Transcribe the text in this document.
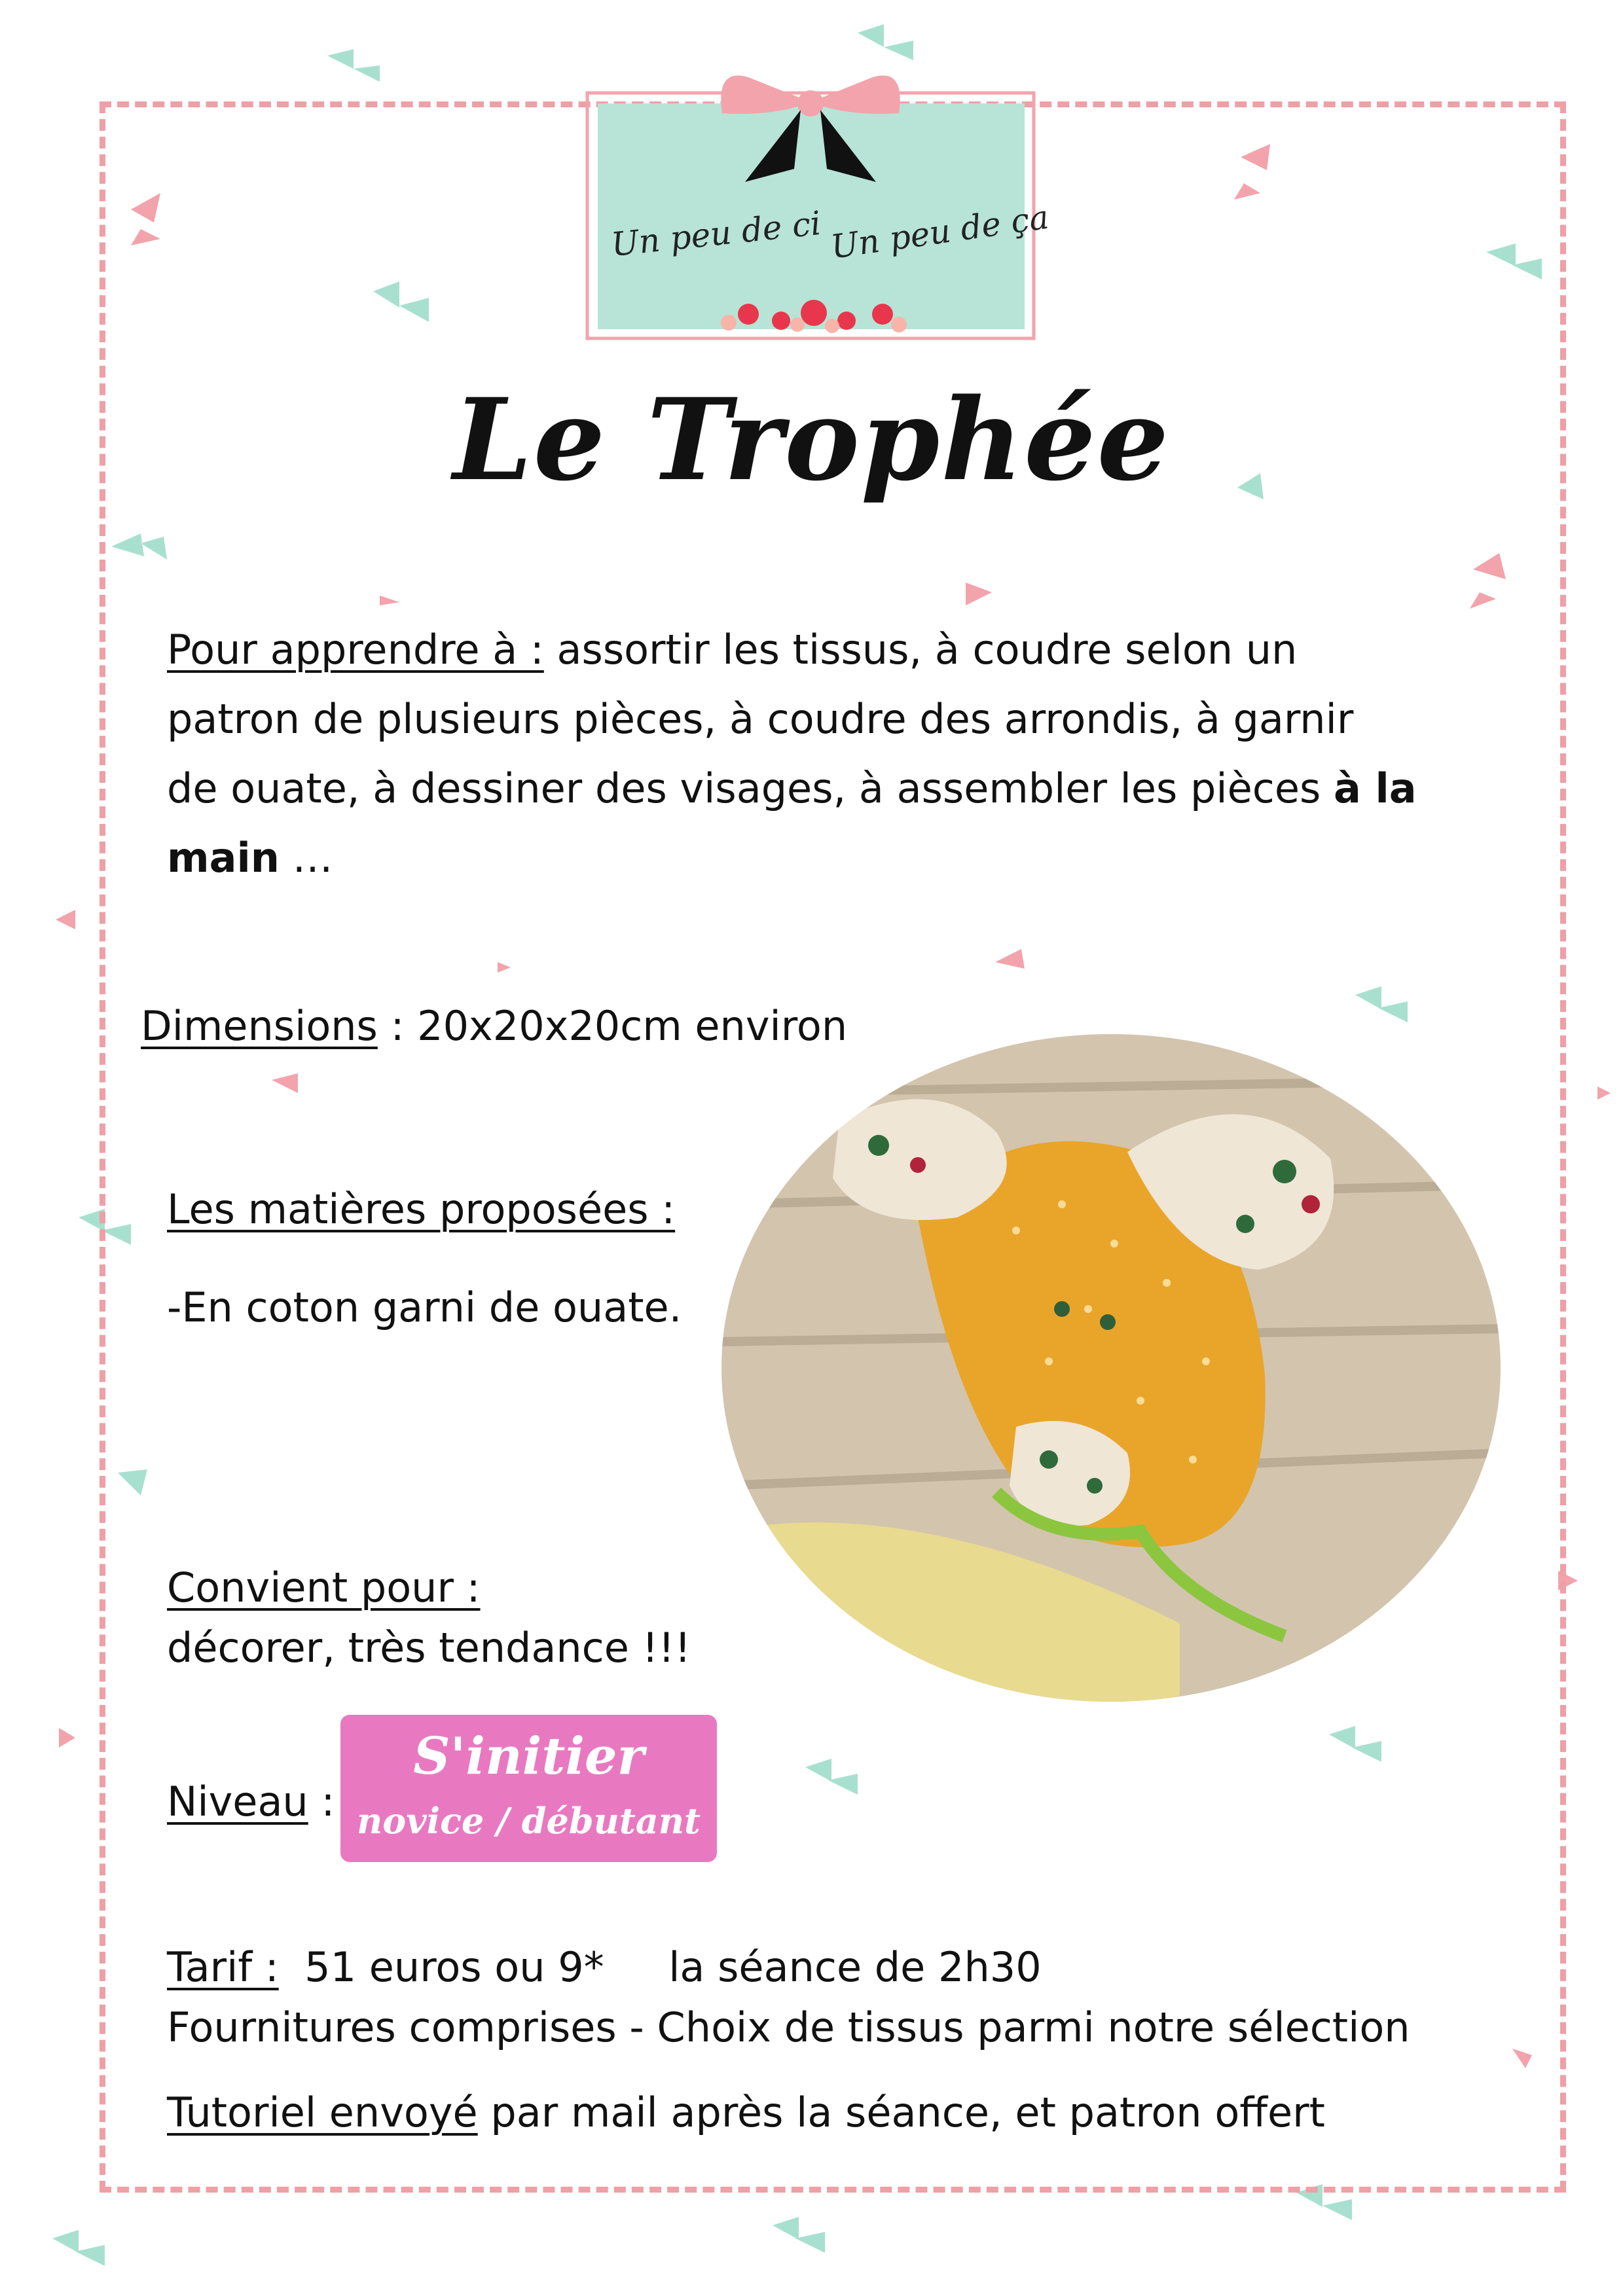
Un peu de ci Un peu de ça
Le Trophée
Pour apprendre à : assortir les tissus, à coudre selon un
patron de plusieurs pièces, à coudre des arrondis, à garnir
de ouate, à dessiner des visages, à assembler les pièces à la
main …
Dimensions : 20x20x20cm environ
Les matières proposées :
-En coton garni de ouate.
Convient pour :
décorer, très tendance !!!
Niveau :
S'initier
novice / débutant
Tarif :  51 euros ou 9*     la séance de 2h30
Fournitures comprises - Choix de tissus parmi notre sélection
Tutoriel envoyé par mail après la séance, et patron offert
